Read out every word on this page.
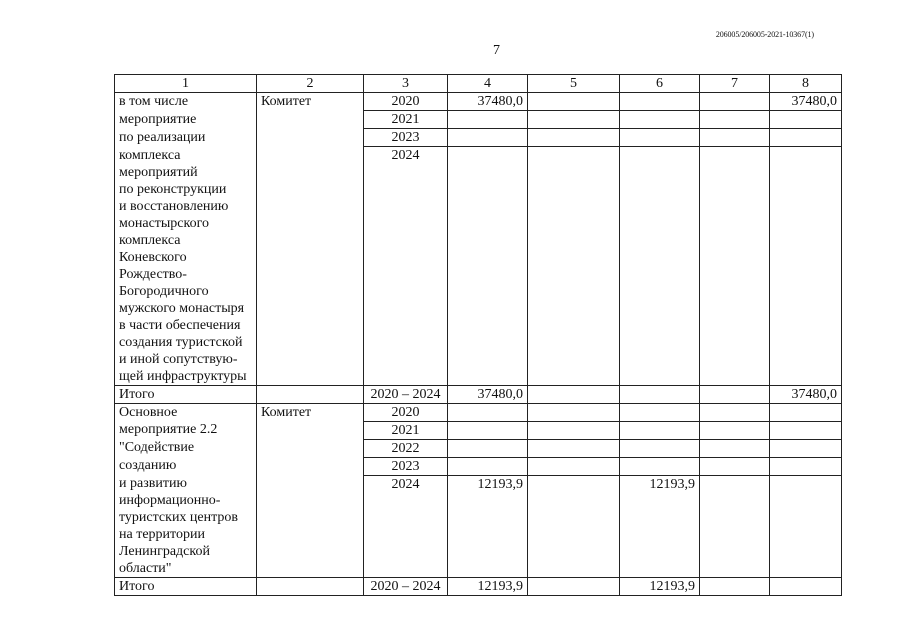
206005/206005-2021-10367(1)
7
1	2	3	4	5	6	7	8
в том числе	Комитет	2020	37480,0				37480,0
мероприятие		2021					
по реализации		2023					
комплекса		2024					
мероприятий							
по реконструкции							
и восстановлению							
монастырского							
комплекса							
Коневского							
Рождество-							
Богородичного							
мужского монастыря							
в части обеспечения							
создания туристской							
и иной сопутствую-							
щей инфраструктуры							
Итого		2020 – 2024	37480,0				37480,0
Основное	Комитет	2020					
мероприятие 2.2		2021					
"Содействие		2022					
созданию		2023					
и развитию		2024	12193,9		12193,9		
информационно-							
туристских центров							
на территории							
Ленинградской							
области"							
Итого		2020 – 2024	12193,9		12193,9		
